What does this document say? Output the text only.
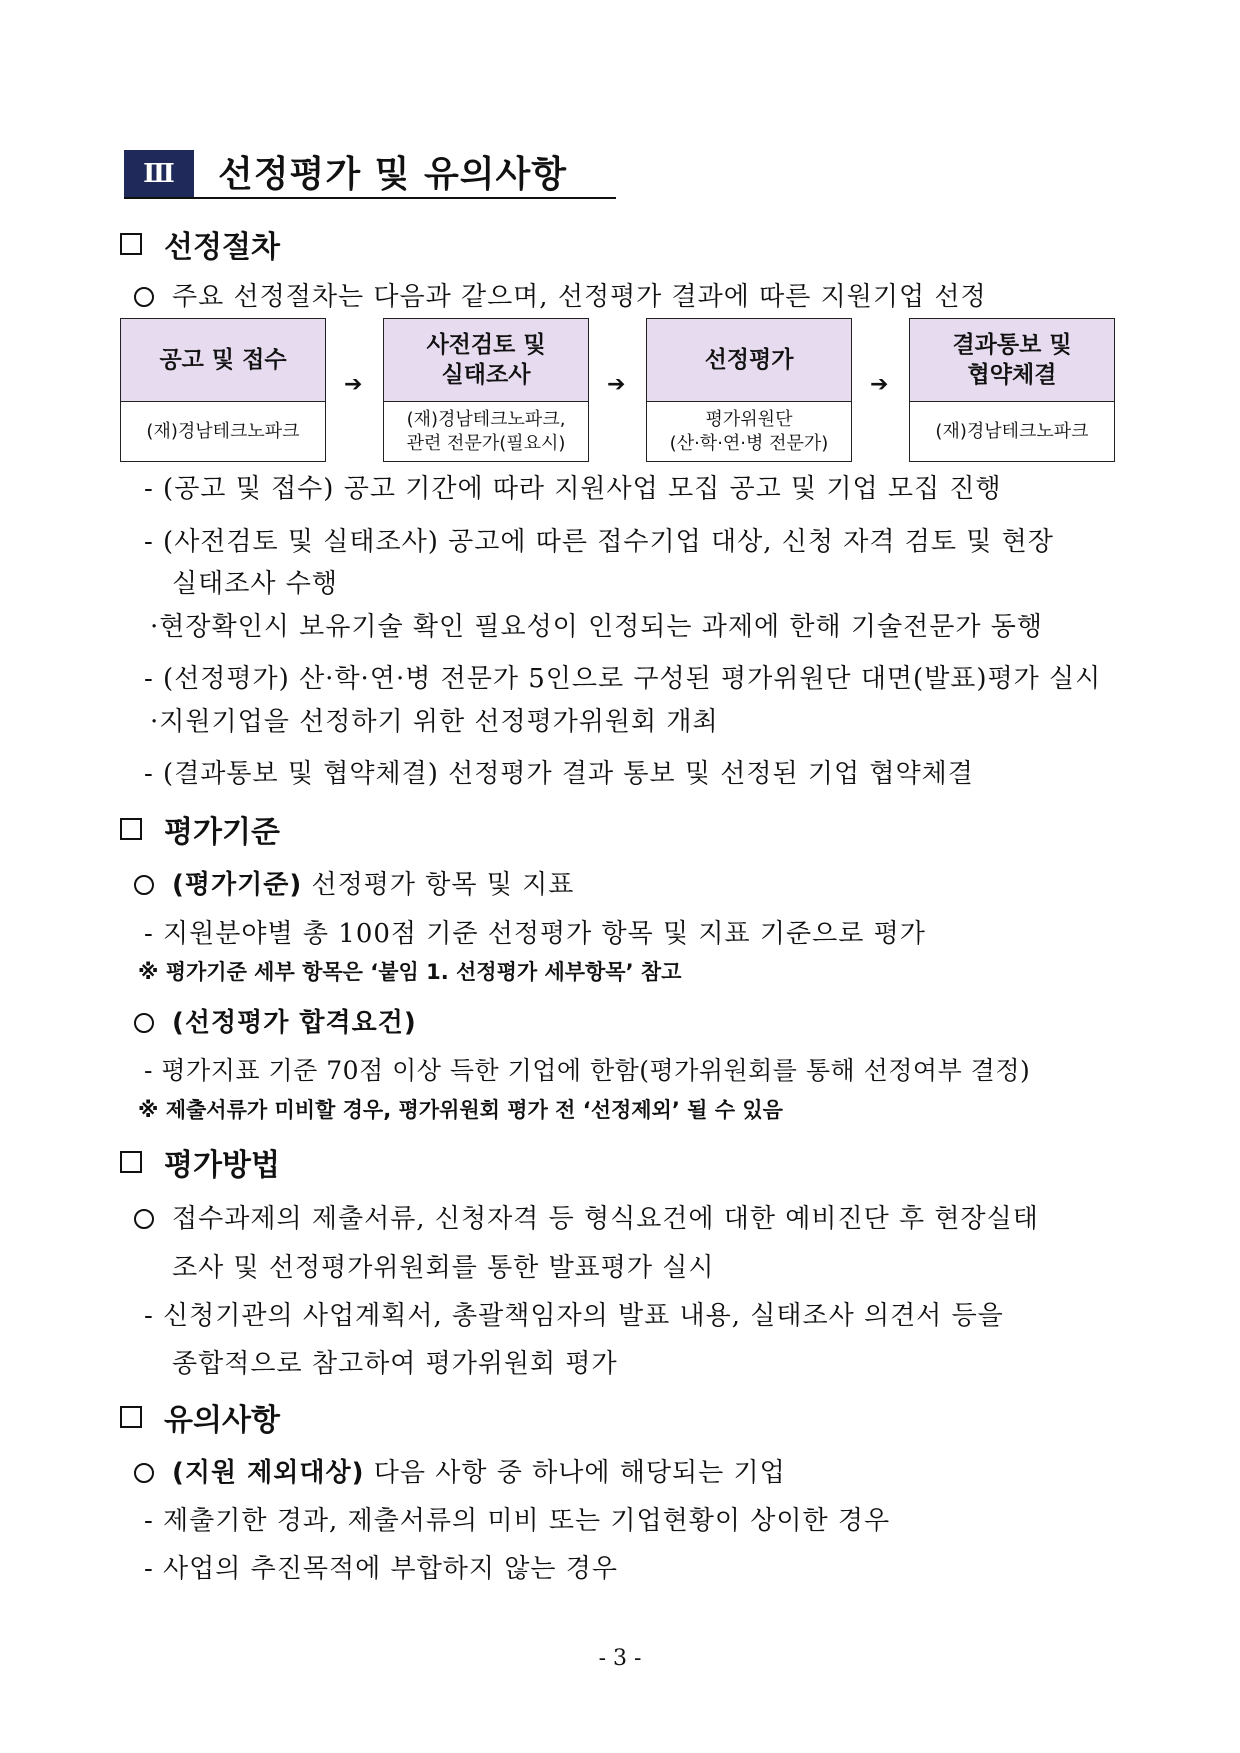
Ⅲ	선정평가 및 유의사항
선정절차
주요 선정절차는 다음과 같으며, 선정평가 결과에 따른 지원기업 선정
공고 및 접수
(재)경남테크노파크
➔
사전검토 및
실태조사
(재)경남테크노파크,
관련 전문가(필요시)
➔
선정평가
평가위원단
(산·학·연·병 전문가)
➔
결과통보 및
협약체결
(재)경남테크노파크
- (공고 및 접수) 공고 기간에 따라 지원사업 모집 공고 및 기업 모집 진행
- (사전검토 및 실태조사) 공고에 따른 접수기업 대상, 신청 자격 검토 및 현장
실태조사 수행
·현장확인시 보유기술 확인 필요성이 인정되는 과제에 한해 기술전문가 동행
- (선정평가) 산·학·연·병 전문가 5인으로 구성된 평가위원단 대면(발표)평가 실시
·지원기업을 선정하기 위한 선정평가위원회 개최
- (결과통보 및 협약체결) 선정평가 결과 통보 및 선정된 기업 협약체결
평가기준
(평가기준) 선정평가 항목 및 지표
- 지원분야별 총 100점 기준 선정평가 항목 및 지표 기준으로 평가
※ 평가기준 세부 항목은 ‘붙임 1. 선정평가 세부항목’ 참고
(선정평가 합격요건)
- 평가지표 기준 70점 이상 득한 기업에 한함(평가위원회를 통해 선정여부 결정)
※ 제출서류가 미비할 경우, 평가위원회 평가 전 ‘선정제외’ 될 수 있음
평가방법
접수과제의 제출서류, 신청자격 등 형식요건에 대한 예비진단 후 현장실태
조사 및 선정평가위원회를 통한 발표평가 실시
- 신청기관의 사업계획서, 총괄책임자의 발표 내용, 실태조사 의견서 등을
종합적으로 참고하여 평가위원회 평가
유의사항
(지원 제외대상) 다음 사항 중 하나에 해당되는 기업
- 제출기한 경과, 제출서류의 미비 또는 기업현황이 상이한 경우
- 사업의 추진목적에 부합하지 않는 경우
- 3 -
